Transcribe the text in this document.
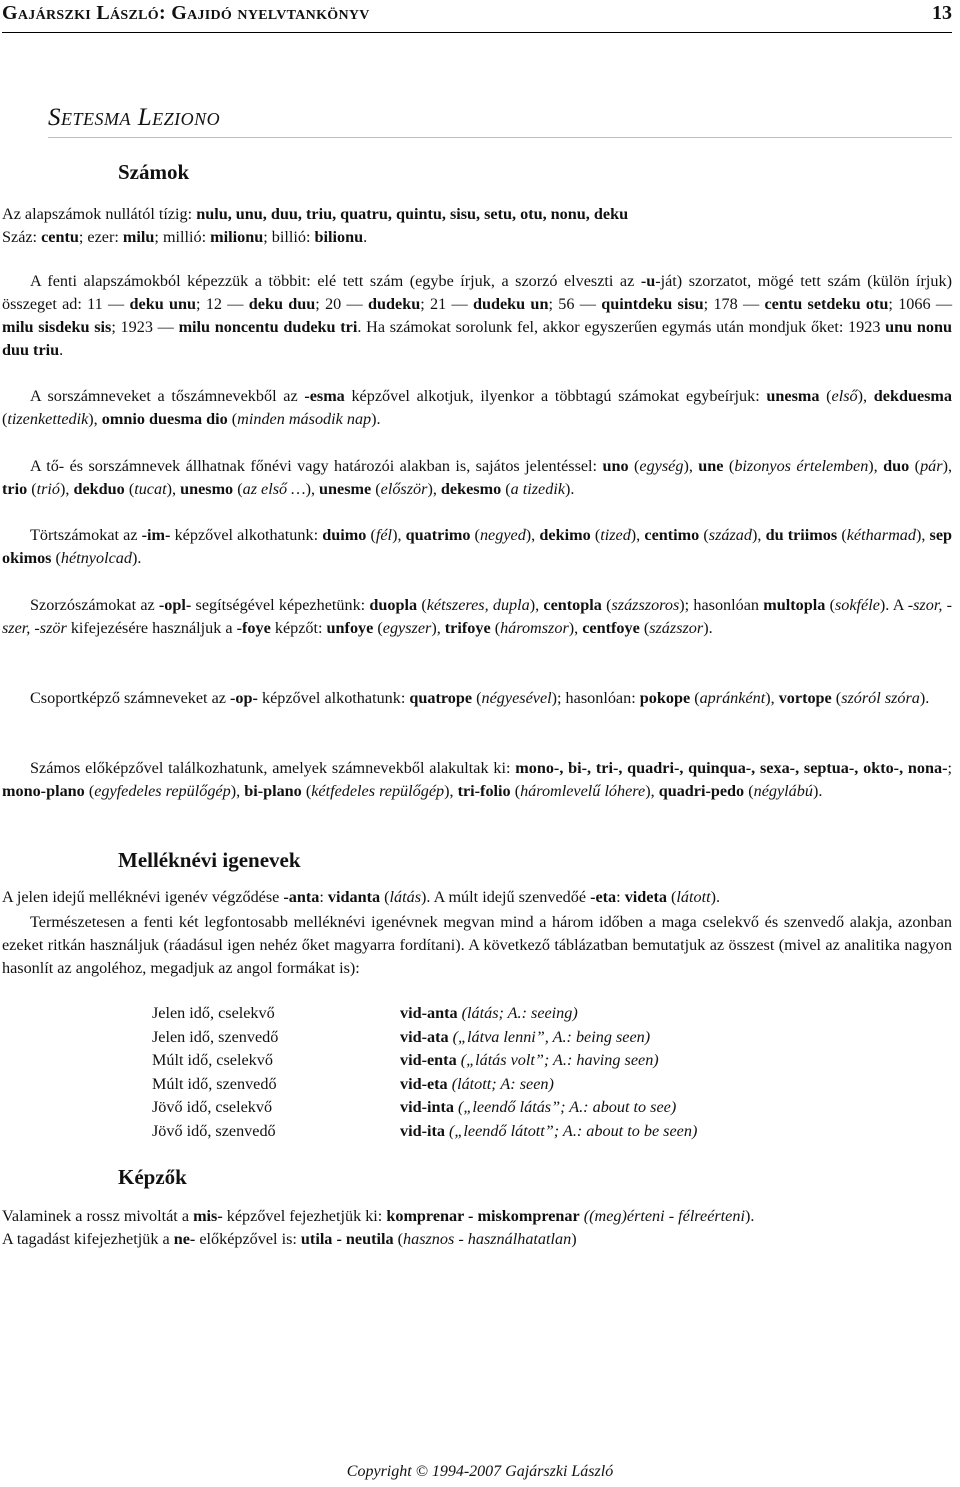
Gajárszki László: Gajidó nyelvtankönyv	13
Setesma Leziono
Számok
Az alapszámok nullától tízig: nulu, unu, duu, triu, quatru, quintu, sisu, setu, otu, nonu, deku
Száz: centu; ezer: milu; millió: milionu; billió: bilionu.
A fenti alapszámokból képezzük a többit: elé tett szám (egybe írjuk, a szorzó elveszti az -u-ját) szorzatot, mögé tett szám (külön írjuk) összeget ad: 11 ― deku unu; 12 ― deku duu; 20 ― dudeku; 21 ― dudeku un; 56 ― quintdeku sisu; 178 ― centu setdeku otu; 1066 ― milu sisdeku sis; 1923 ― milu noncentu dudeku tri. Ha számokat sorolunk fel, akkor egyszerűen egymás után mondjuk őket: 1923 unu nonu duu triu.
A sorszámneveket a tőszámnevekből az -esma képzővel alkotjuk, ilyenkor a többtagú számokat egybeírjuk: unesma (első), dekduesma (tizenkettedik), omnio duesma dio (minden második nap).
A tő- és sorszámnevek állhatnak főnévi vagy határozói alakban is, sajátos jelentéssel: uno (egység), une (bizonyos értelemben), duo (pár), trio (trió), dekduo (tucat), unesmo (az első …), unesme (először), dekesmo (a tizedik).
Törtszámokat az -im- képzővel alkothatunk: duimo (fél), quatrimo (negyed), dekimo (tized), centimo (század), du triimos (kétharmad), sep okimos (hétnyolcad).
Szorzószámokat az -opl- segítségével képezhetünk: duopla (kétszeres, dupla), centopla (százszoros); hasonlóan multopla (sokféle). A -szor, -szer, -ször kifejezésére használjuk a -foye képzőt: unfoye (egyszer), trifoye (háromszor), centfoye (százszor).
Csoportképző számneveket az -op- képzővel alkothatunk: quatrope (négyesével); hasonlóan: pokope (apránként), vortope (szóról szóra).
Számos előképzővel találkozhatunk, amelyek számnevekből alakultak ki: mono-, bi-, tri-, quadri-, quinqua-, sexa-, septua-, okto-, nona-; mono-plano (egyfedeles repülőgép), bi-plano (kétfedeles repülőgép), tri-folio (háromlevelű lóhere), quadri-pedo (négylábú).
Melléknévi igenevek
A jelen idejű melléknévi igenév végződése -anta: vidanta (látás). A múlt idejű szenvedőé -eta: videta (látott).
Természetesen a fenti két legfontosabb melléknévi igenévnek megvan mind a három időben a maga cselekvő és szenvedő alakja, azonban ezeket ritkán használjuk (ráadásul igen nehéz őket magyarra fordítani). A következő táblázatban bemutatjuk az összest (mivel az analitika nagyon hasonlít az angoléhoz, megadjuk az angol formákat is):
Jelen idő, cselekvő	vid-anta (látás; A.: seeing)
Jelen idő, szenvedő	vid-ata („látva lenni”, A.: being seen)
Múlt idő, cselekvő	vid-enta („látás volt”; A.: having seen)
Múlt idő, szenvedő	vid-eta (látott; A: seen)
Jövő idő, cselekvő	vid-inta („leendő látás”; A.: about to see)
Jövő idő, szenvedő	vid-ita („leendő látott”; A.: about to be seen)
Képzők
Valaminek a rossz mivoltát a mis- képzővel fejezhetjük ki: komprenar - miskomprenar ((meg)érteni - félreérteni).
A tagadást kifejezhetjük a ne- előképzővel is: utila - neutila (hasznos - használhatatlan)
Copyright © 1994-2007 Gajárszki László
